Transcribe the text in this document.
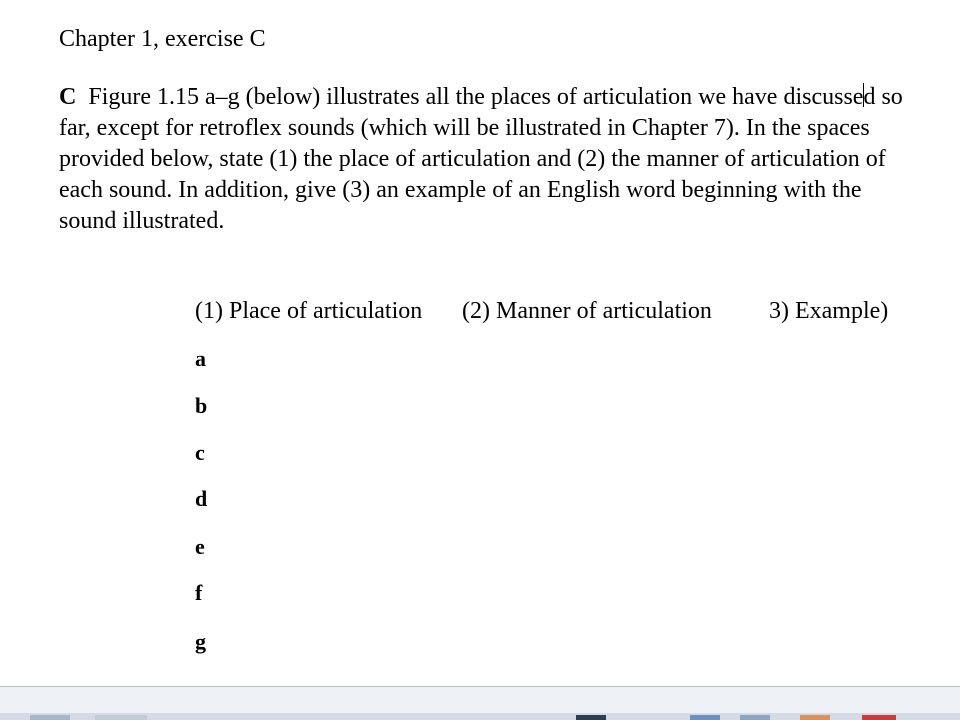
Chapter 1, exercise C
C Figure 1.15 a–g (below) illustrates all the places of articulation we have discussed so
far, except for retroflex sounds (which will be illustrated in Chapter 7). In the spaces
provided below, state (1) the place of articulation and (2) the manner of articulation of
each sound. In addition, give (3) an example of an English word beginning with the
sound illustrated.
(1) Place of articulation (2) Manner of articulation 3) Example)
a
b
c
d
e
f
g
